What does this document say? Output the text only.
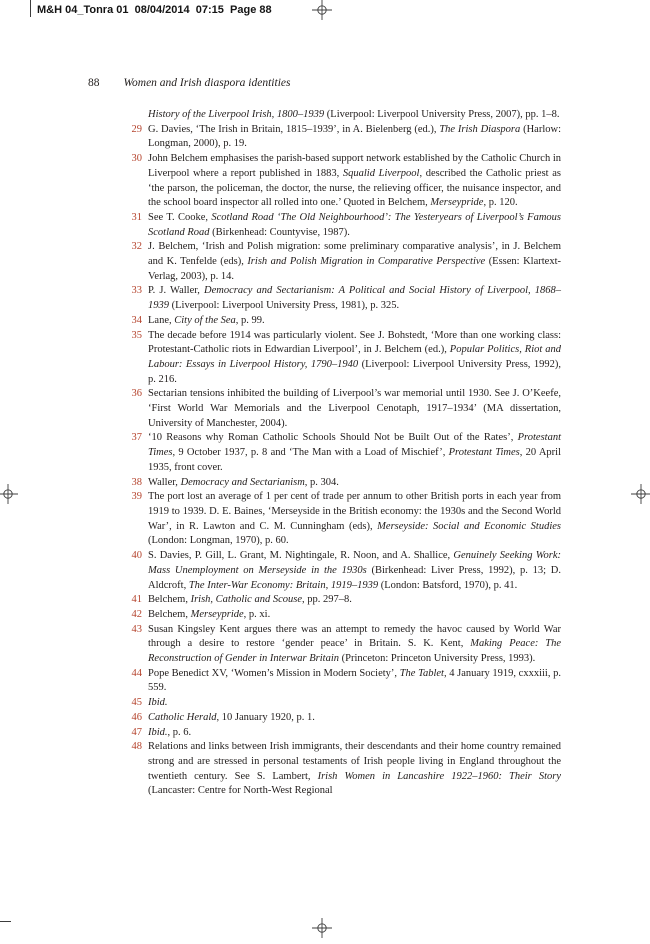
M&H 04_Tonra 01  08/04/2014  07:15  Page 88
88 Women and Irish diaspora identities
History of the Liverpool Irish, 1800–1939 (Liverpool: Liverpool University Press, 2007), pp. 1–8.
29 G. Davies, ‘The Irish in Britain, 1815–1939’, in A. Bielenberg (ed.), The Irish Diaspora (Harlow: Longman, 2000), p. 19.
30 John Belchem emphasises the parish-based support network established by the Catholic Church in Liverpool where a report published in 1883, Squalid Liverpool, described the Catholic priest as ‘the parson, the policeman, the doctor, the nurse, the relieving officer, the nuisance inspector, and the school board inspector all rolled into one.’ Quoted in Belchem, Merseypride, p. 120.
31 See T. Cooke, Scotland Road ‘The Old Neighbourhood’: The Yesteryears of Liverpool’s Famous Scotland Road (Birkenhead: Countyvise, 1987).
32 J. Belchem, ‘Irish and Polish migration: some preliminary comparative analysis’, in J. Belchem and K. Tenfelde (eds), Irish and Polish Migration in Comparative Perspective (Essen: Klartext-Verlag, 2003), p. 14.
33 P. J. Waller, Democracy and Sectarianism: A Political and Social History of Liverpool, 1868–1939 (Liverpool: Liverpool University Press, 1981), p. 325.
34 Lane, City of the Sea, p. 99.
35 The decade before 1914 was particularly violent. See J. Bohstedt, ‘More than one working class: Protestant-Catholic riots in Edwardian Liverpool’, in J. Belchem (ed.), Popular Politics, Riot and Labour: Essays in Liverpool History, 1790–1940 (Liverpool: Liverpool University Press, 1992), p. 216.
36 Sectarian tensions inhibited the building of Liverpool’s war memorial until 1930. See J. O’Keefe, ‘First World War Memorials and the Liverpool Cenotaph, 1917–1934’ (MA dissertation, University of Manchester, 2004).
37 ‘10 Reasons why Roman Catholic Schools Should Not be Built Out of the Rates’, Protestant Times, 9 October 1937, p. 8 and ‘The Man with a Load of Mischief’, Protestant Times, 20 April 1935, front cover.
38 Waller, Democracy and Sectarianism, p. 304.
39 The port lost an average of 1 per cent of trade per annum to other British ports in each year from 1919 to 1939. D. E. Baines, ‘Merseyside in the British economy: the 1930s and the Second World War’, in R. Lawton and C. M. Cunningham (eds), Merseyside: Social and Economic Studies (London: Longman, 1970), p. 60.
40 S. Davies, P. Gill, L. Grant, M. Nightingale, R. Noon, and A. Shallice, Genuinely Seeking Work: Mass Unemployment on Merseyside in the 1930s (Birkenhead: Liver Press, 1992), p. 13; D. Aldcroft, The Inter-War Economy: Britain, 1919–1939 (London: Batsford, 1970), p. 41.
41 Belchem, Irish, Catholic and Scouse, pp. 297–8.
42 Belchem, Merseypride, p. xi.
43 Susan Kingsley Kent argues there was an attempt to remedy the havoc caused by World War through a desire to restore ‘gender peace’ in Britain. S. K. Kent, Making Peace: The Reconstruction of Gender in Interwar Britain (Princeton: Princeton University Press, 1993).
44 Pope Benedict XV, ‘Women’s Mission in Modern Society’, The Tablet, 4 January 1919, cxxxiii, p. 559.
45 Ibid.
46 Catholic Herald, 10 January 1920, p. 1.
47 Ibid., p. 6.
48 Relations and links between Irish immigrants, their descendants and their home country remained strong and are stressed in personal testaments of Irish people living in England throughout the twentieth century. See S. Lambert, Irish Women in Lancashire 1922–1960: Their Story (Lancaster: Centre for North-West Regional
